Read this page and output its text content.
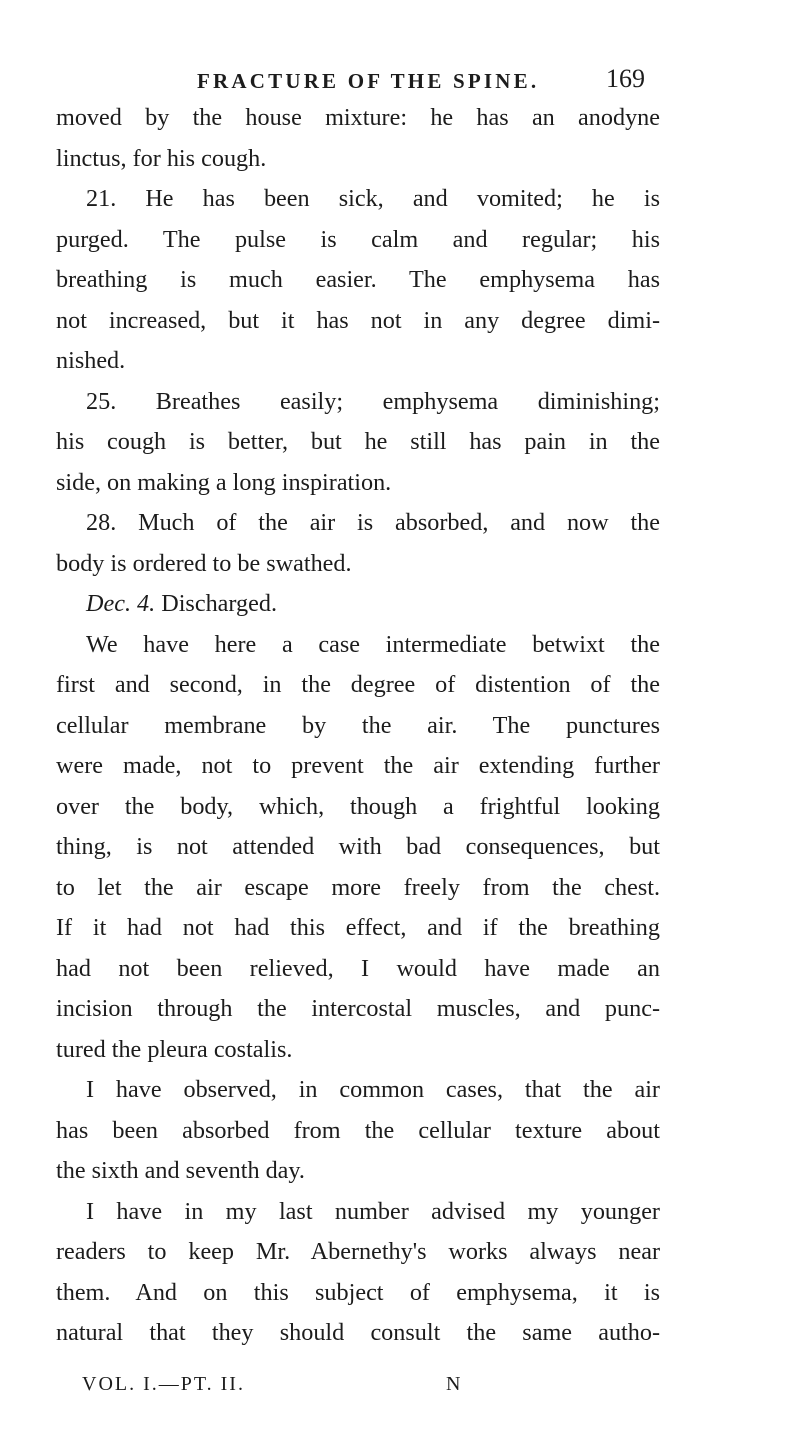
FRACTURE OF THE SPINE.	169
moved by the house mixture: he has an anodyne
linctus, for his cough.
21. He has been sick, and vomited; he is
purged. The pulse is calm and regular; his
breathing is much easier. The emphysema has
not increased, but it has not in any degree dimi-
nished.
25. Breathes easily; emphysema diminishing;
his cough is better, but he still has pain in the
side, on making a long inspiration.
28. Much of the air is absorbed, and now the
body is ordered to be swathed.
Dec. 4. Discharged.
We have here a case intermediate betwixt the
first and second, in the degree of distention of the
cellular membrane by the air. The punctures
were made, not to prevent the air extending further
over the body, which, though a frightful looking
thing, is not attended with bad consequences, but
to let the air escape more freely from the chest.
If it had not had this effect, and if the breathing
had not been relieved, I would have made an
incision through the intercostal muscles, and punc-
tured the pleura costalis.
I have observed, in common cases, that the air
has been absorbed from the cellular texture about
the sixth and seventh day.
I have in my last number advised my younger
readers to keep Mr. Abernethy's works always near
them. And on this subject of emphysema, it is
natural that they should consult the same autho-
VOL. I.—PT. II.	N
